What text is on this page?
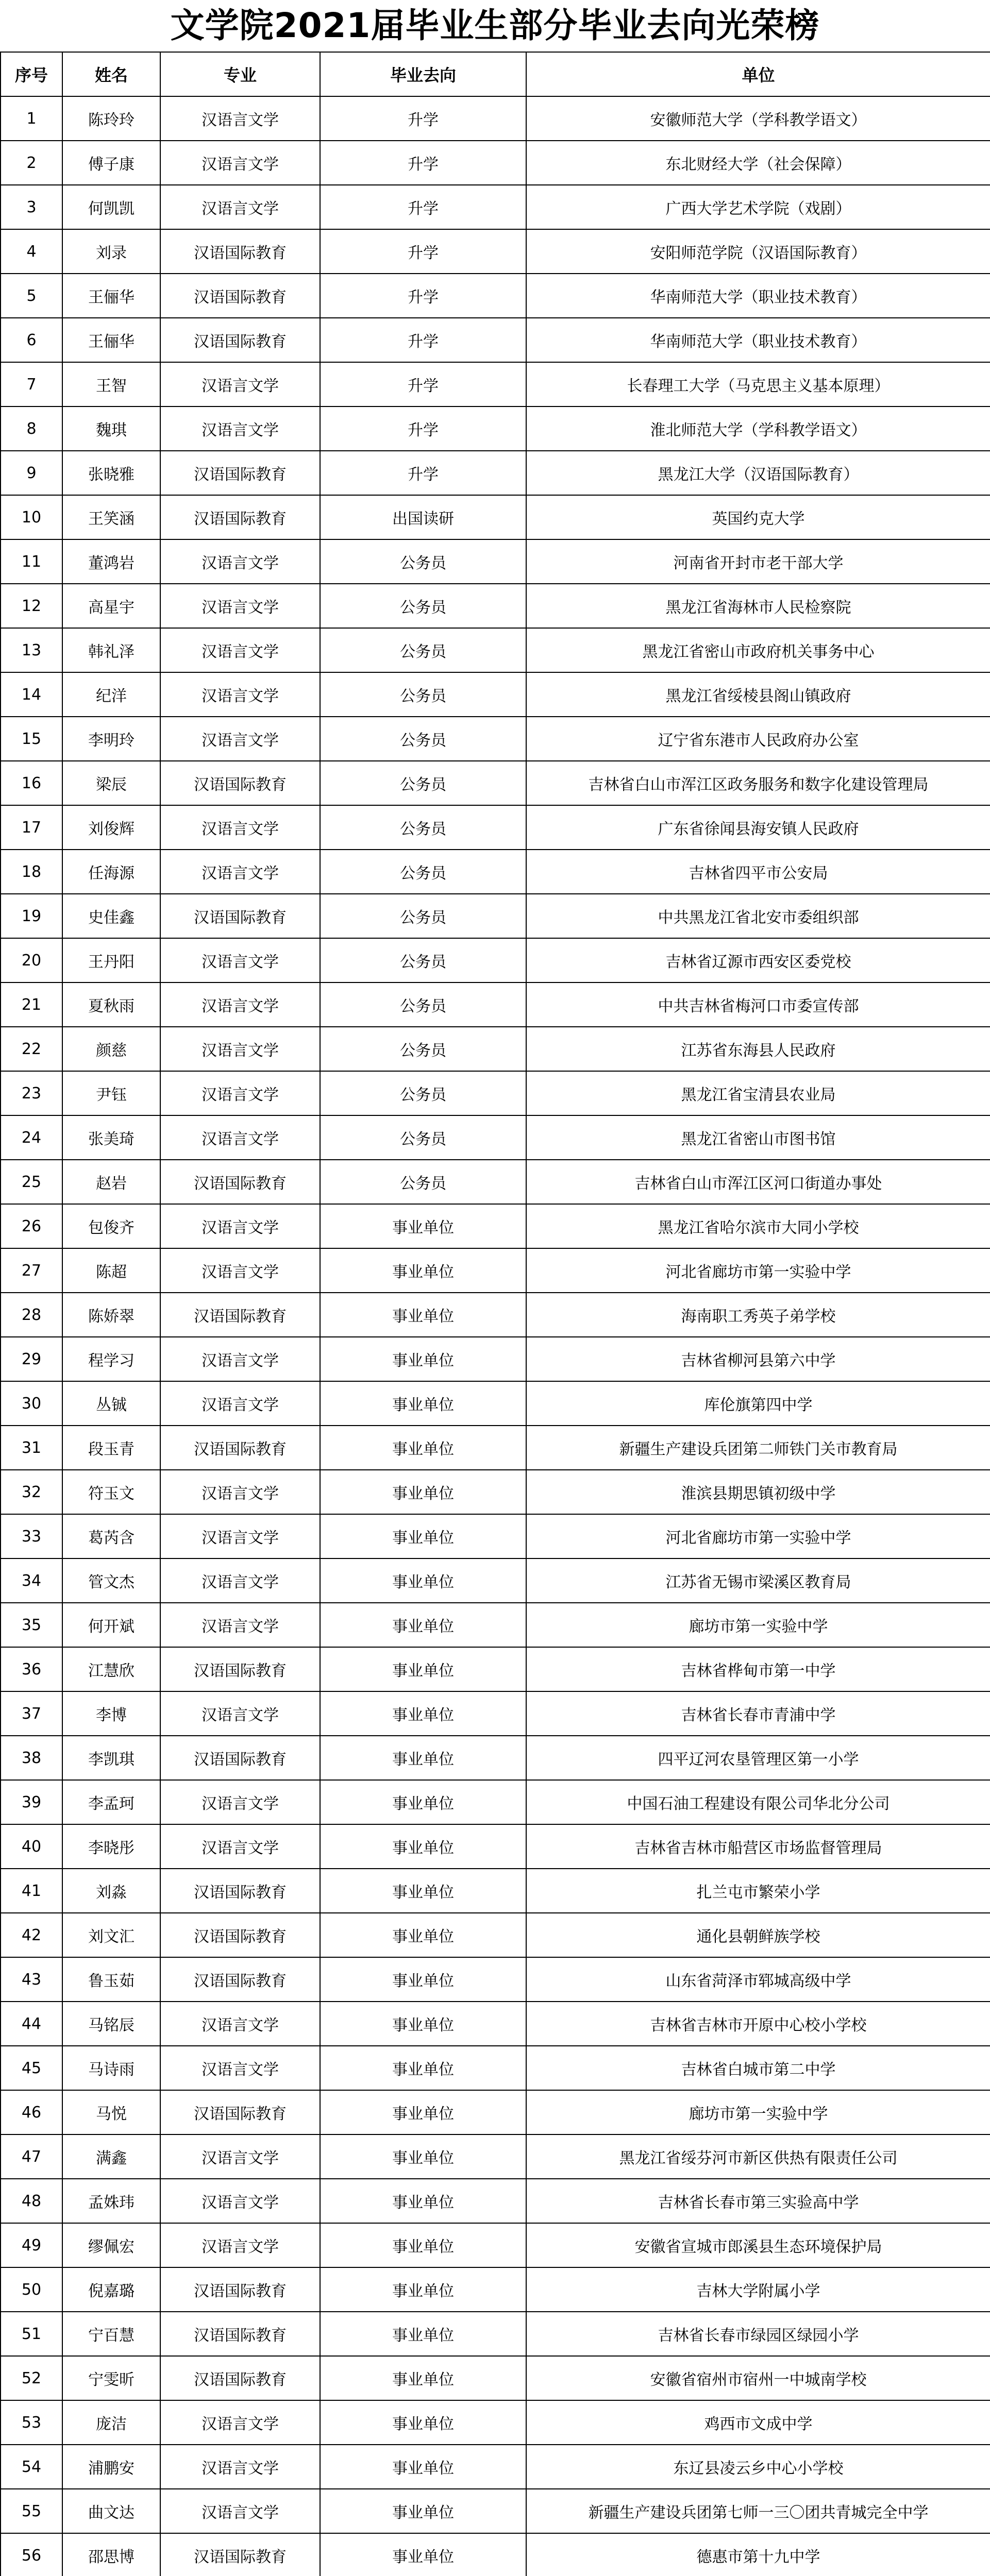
文学院2021届毕业生部分毕业去向光荣榜
序号	姓名	专业	毕业去向	单位
1	陈玲玲	汉语言文学	升学	安徽师范大学（学科教学语文）
2	傅子康	汉语言文学	升学	东北财经大学（社会保障）
3	何凯凯	汉语言文学	升学	广西大学艺术学院（戏剧）
4	刘录	汉语国际教育	升学	安阳师范学院（汉语国际教育）
5	王俪华	汉语国际教育	升学	华南师范大学（职业技术教育）
6	王俪华	汉语国际教育	升学	华南师范大学（职业技术教育）
7	王智	汉语言文学	升学	长春理工大学（马克思主义基本原理）
8	魏琪	汉语言文学	升学	淮北师范大学（学科教学语文）
9	张晓雅	汉语国际教育	升学	黑龙江大学（汉语国际教育）
10	王笑涵	汉语国际教育	出国读研	英国约克大学
11	董鸿岩	汉语言文学	公务员	河南省开封市老干部大学
12	高星宇	汉语言文学	公务员	黑龙江省海林市人民检察院
13	韩礼泽	汉语言文学	公务员	黑龙江省密山市政府机关事务中心
14	纪洋	汉语言文学	公务员	黑龙江省绥棱县阁山镇政府
15	李明玲	汉语言文学	公务员	辽宁省东港市人民政府办公室
16	梁辰	汉语国际教育	公务员	吉林省白山市浑江区政务服务和数字化建设管理局
17	刘俊辉	汉语言文学	公务员	广东省徐闻县海安镇人民政府
18	任海源	汉语言文学	公务员	吉林省四平市公安局
19	史佳鑫	汉语国际教育	公务员	中共黑龙江省北安市委组织部
20	王丹阳	汉语言文学	公务员	吉林省辽源市西安区委党校
21	夏秋雨	汉语言文学	公务员	中共吉林省梅河口市委宣传部
22	颜慈	汉语言文学	公务员	江苏省东海县人民政府
23	尹钰	汉语言文学	公务员	黑龙江省宝清县农业局
24	张美琦	汉语言文学	公务员	黑龙江省密山市图书馆
25	赵岩	汉语国际教育	公务员	吉林省白山市浑江区河口街道办事处
26	包俊齐	汉语言文学	事业单位	黑龙江省哈尔滨市大同小学校
27	陈超	汉语言文学	事业单位	河北省廊坊市第一实验中学
28	陈娇翠	汉语国际教育	事业单位	海南职工秀英子弟学校
29	程学习	汉语言文学	事业单位	吉林省柳河县第六中学
30	丛铖	汉语言文学	事业单位	库伦旗第四中学
31	段玉青	汉语国际教育	事业单位	新疆生产建设兵团第二师铁门关市教育局
32	符玉文	汉语言文学	事业单位	淮滨县期思镇初级中学
33	葛芮含	汉语言文学	事业单位	河北省廊坊市第一实验中学
34	管文杰	汉语言文学	事业单位	江苏省无锡市梁溪区教育局
35	何开斌	汉语言文学	事业单位	廊坊市第一实验中学
36	江慧欣	汉语国际教育	事业单位	吉林省桦甸市第一中学
37	李博	汉语言文学	事业单位	吉林省长春市青浦中学
38	李凯琪	汉语国际教育	事业单位	四平辽河农垦管理区第一小学
39	李孟珂	汉语言文学	事业单位	中国石油工程建设有限公司华北分公司
40	李晓彤	汉语言文学	事业单位	吉林省吉林市船营区市场监督管理局
41	刘淼	汉语国际教育	事业单位	扎兰屯市繁荣小学
42	刘文汇	汉语国际教育	事业单位	通化县朝鲜族学校
43	鲁玉茹	汉语国际教育	事业单位	山东省菏泽市郓城高级中学
44	马铭辰	汉语言文学	事业单位	吉林省吉林市开原中心校小学校
45	马诗雨	汉语言文学	事业单位	吉林省白城市第二中学
46	马悦	汉语国际教育	事业单位	廊坊市第一实验中学
47	满鑫	汉语言文学	事业单位	黑龙江省绥芬河市新区供热有限责任公司
48	孟姝玮	汉语言文学	事业单位	吉林省长春市第三实验高中学
49	缪佩宏	汉语言文学	事业单位	安徽省宣城市郎溪县生态环境保护局
50	倪嘉璐	汉语国际教育	事业单位	吉林大学附属小学
51	宁百慧	汉语国际教育	事业单位	吉林省长春市绿园区绿园小学
52	宁雯昕	汉语国际教育	事业单位	安徽省宿州市宿州一中城南学校
53	庞洁	汉语言文学	事业单位	鸡西市文成中学
54	浦鹏安	汉语言文学	事业单位	东辽县凌云乡中心小学校
55	曲文达	汉语言文学	事业单位	新疆生产建设兵团第七师一三〇团共青城完全中学
56	邵思博	汉语国际教育	事业单位	德惠市第十九中学
